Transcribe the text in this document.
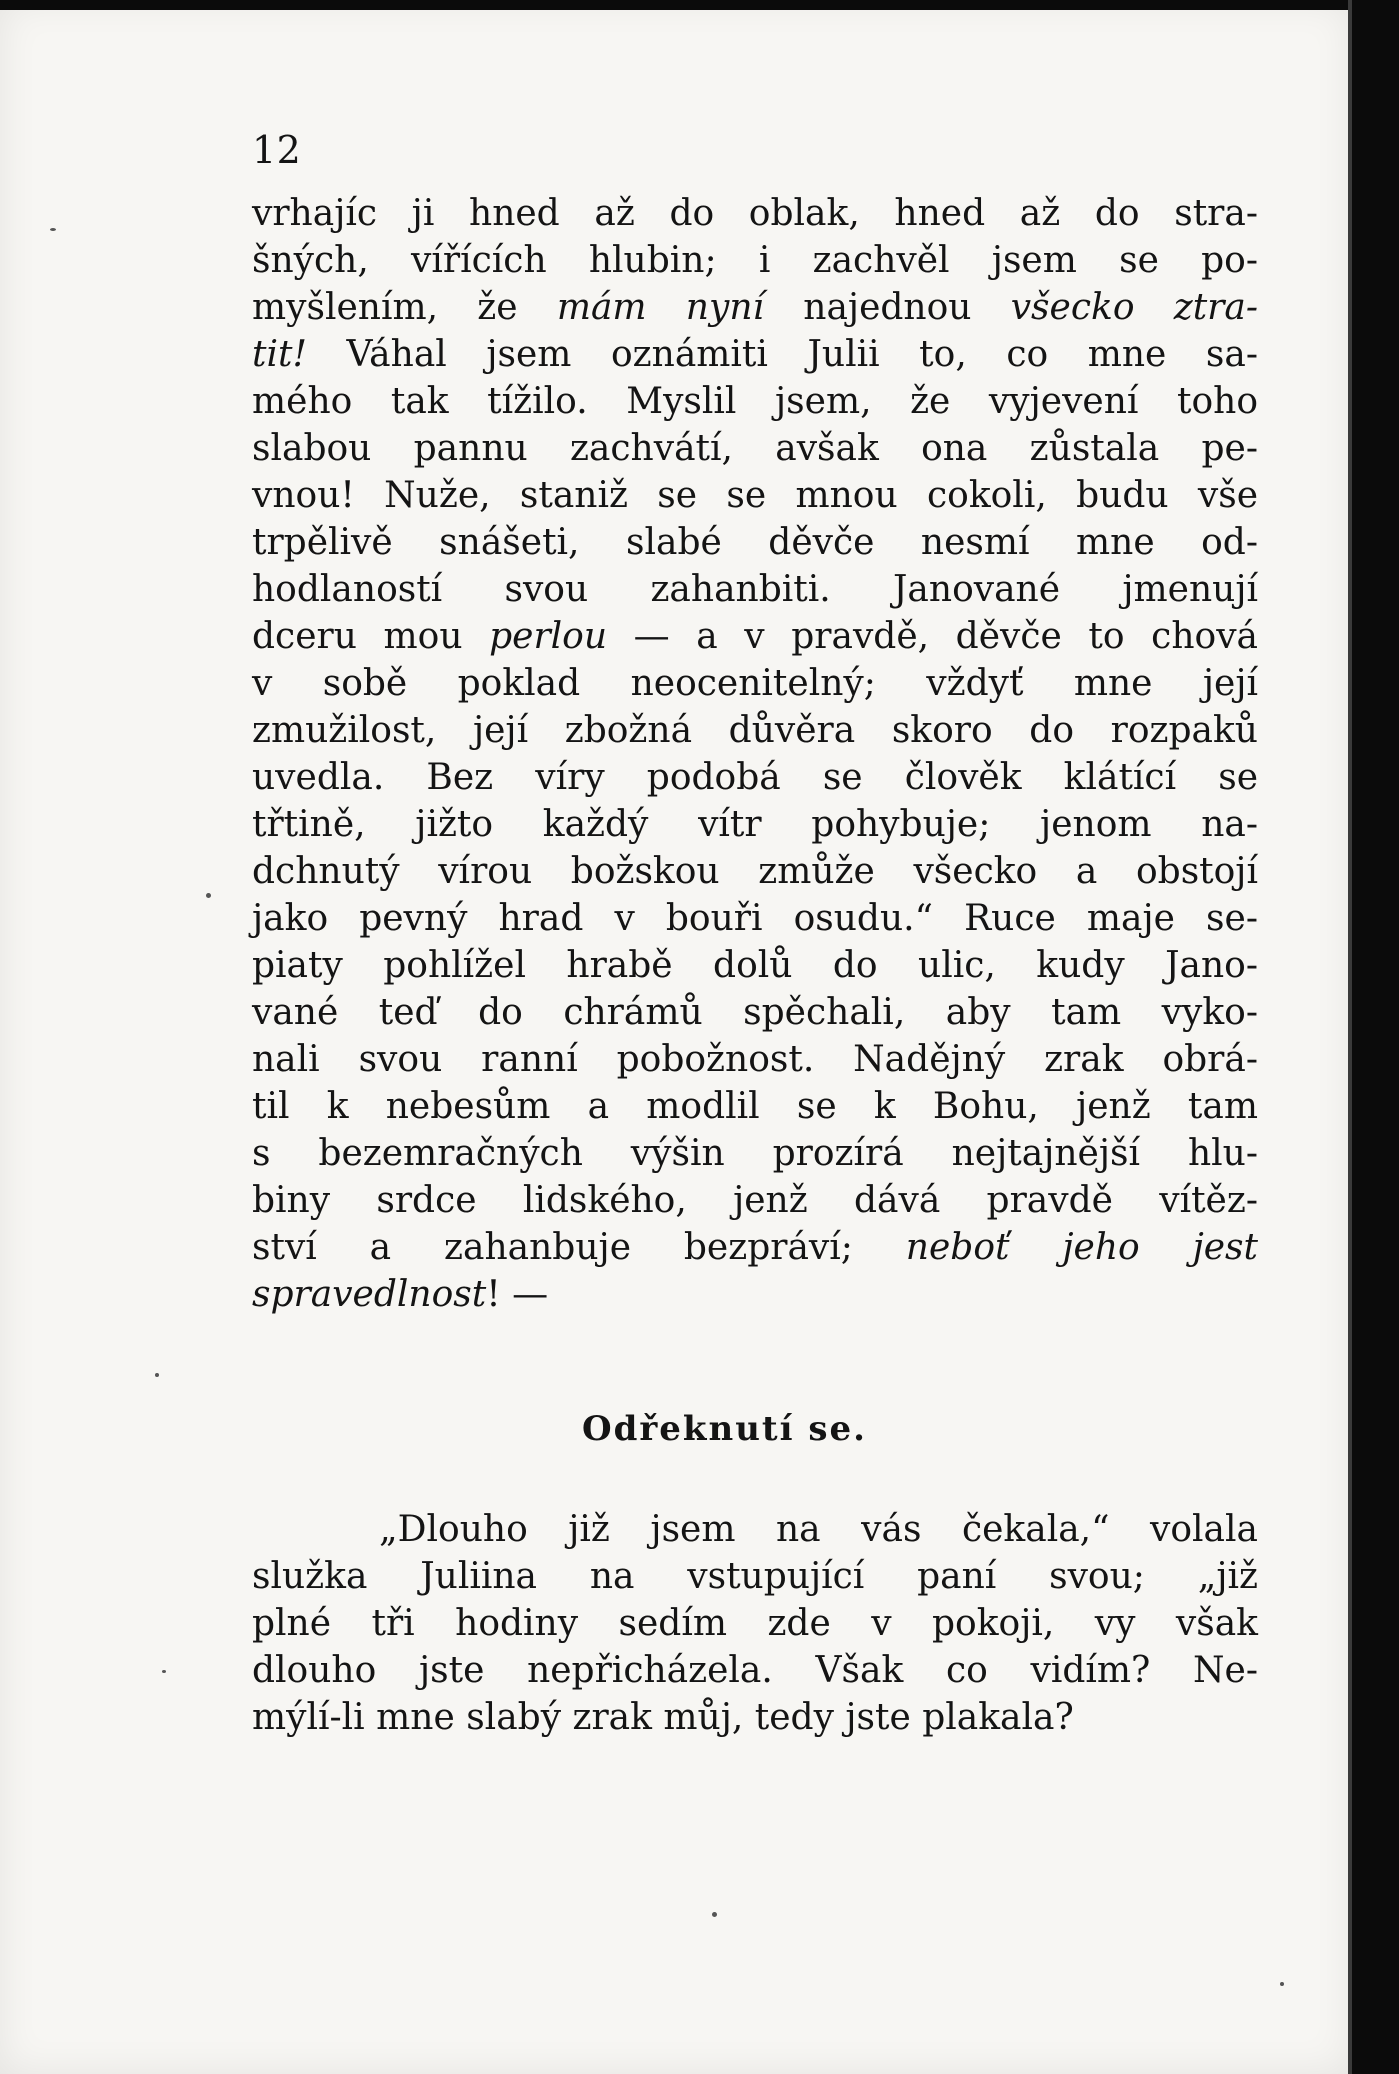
12
vrhajíc ji hned až do oblak, hned až do stra-
šných, vířících hlubin; i zachvěl jsem se po-
myšlením, že mám nyní najednou všecko ztra-
tit! Váhal jsem oznámiti Julii to, co mne sa-
mého tak tížilo. Myslil jsem, že vyjevení toho
slabou pannu zachvátí, avšak ona zůstala pe-
vnou! Nuže, staniž se se mnou cokoli, budu vše
trpělivě snášeti, slabé děvče nesmí mne od-
hodlaností svou zahanbiti. Janované jmenují
dceru mou perlou — a v pravdě, děvče to chová
v sobě poklad neocenitelný; vždyť mne její
zmužilost, její zbožná důvěra skoro do rozpaků
uvedla. Bez víry podobá se člověk klátící se
třtině, jižto každý vítr pohybuje; jenom na-
dchnutý vírou božskou zmůže všecko a obstojí
jako pevný hrad v bouři osudu.“ Ruce maje se-
piaty pohlížel hrabě dolů do ulic, kudy Jano-
vané teď do chrámů spěchali, aby tam vyko-
nali svou ranní pobožnost. Nadějný zrak obrá-
til k nebesům a modlil se k Bohu, jenž tam
s bezemračných výšin prozírá nejtajnější hlu-
biny srdce lidského, jenž dává pravdě vítěz-
ství a zahanbuje bezpráví; neboť jeho jest
spravedlnost! —
Odřeknutí se.
„Dlouho již jsem na vás čekala,“ volala
služka Juliina na vstupující paní svou; „již
plné tři hodiny sedím zde v pokoji, vy však
dlouho jste nepřicházela. Však co vidím? Ne-
mýlí-li mne slabý zrak můj, tedy jste plakala?
